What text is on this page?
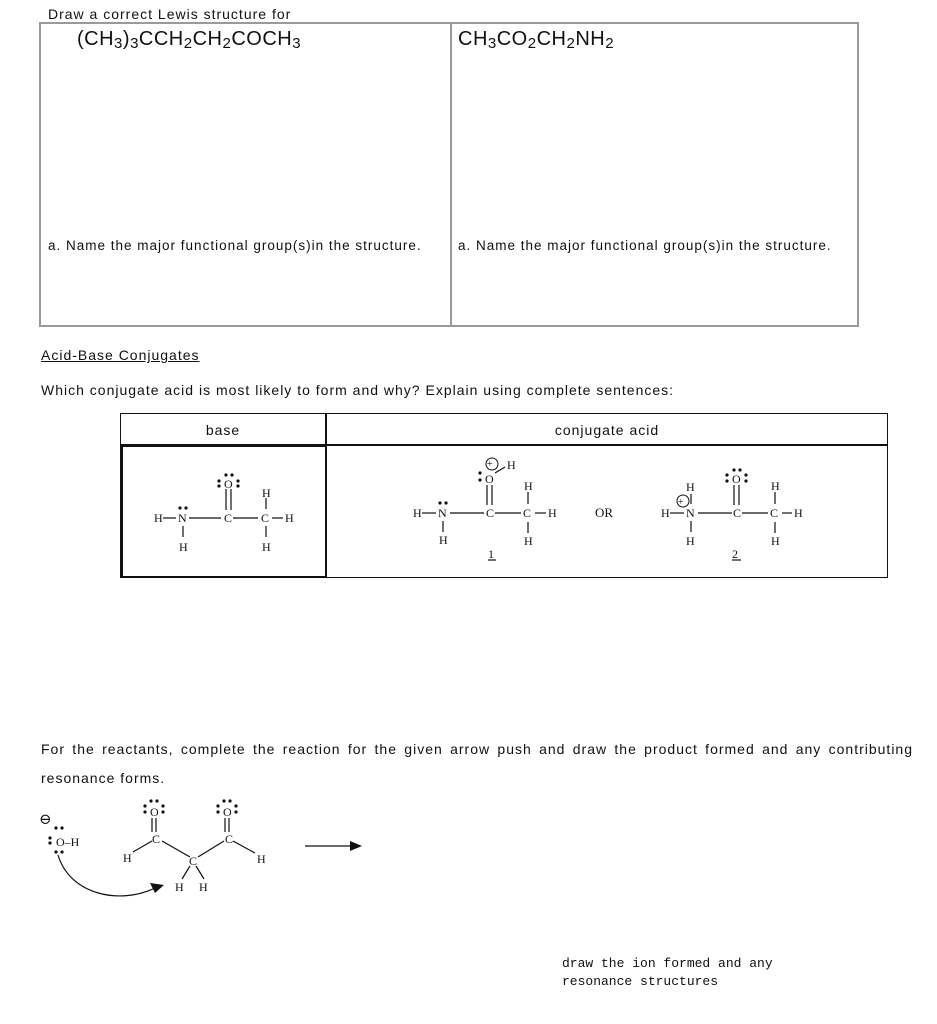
Draw a correct Lewis structure for
$(CH_3)_3CCH_2CH_2COCH_3$	$CH_3CO_2CH_2NH_2$
a. Name the major functional group(s)in the structure.	a. Name the major functional group(s)in the structure.
Acid-Base Conjugates
Which conjugate acid is most likely to form and why? Explain using complete sentences:
base	conjugate acid
OR
H N	C C H
O
H
H
H
H N	C C H
O
H
H
H
H
+
1
H N	C C H
O
H	H
H
H
+
2
O	O
C	C
C
H	H
H H
⊖
O–H
For the reactants, complete the reaction for the given arrow push and draw the product formed and any contributing
resonance forms.
draw the ion formed and any
resonance structures
